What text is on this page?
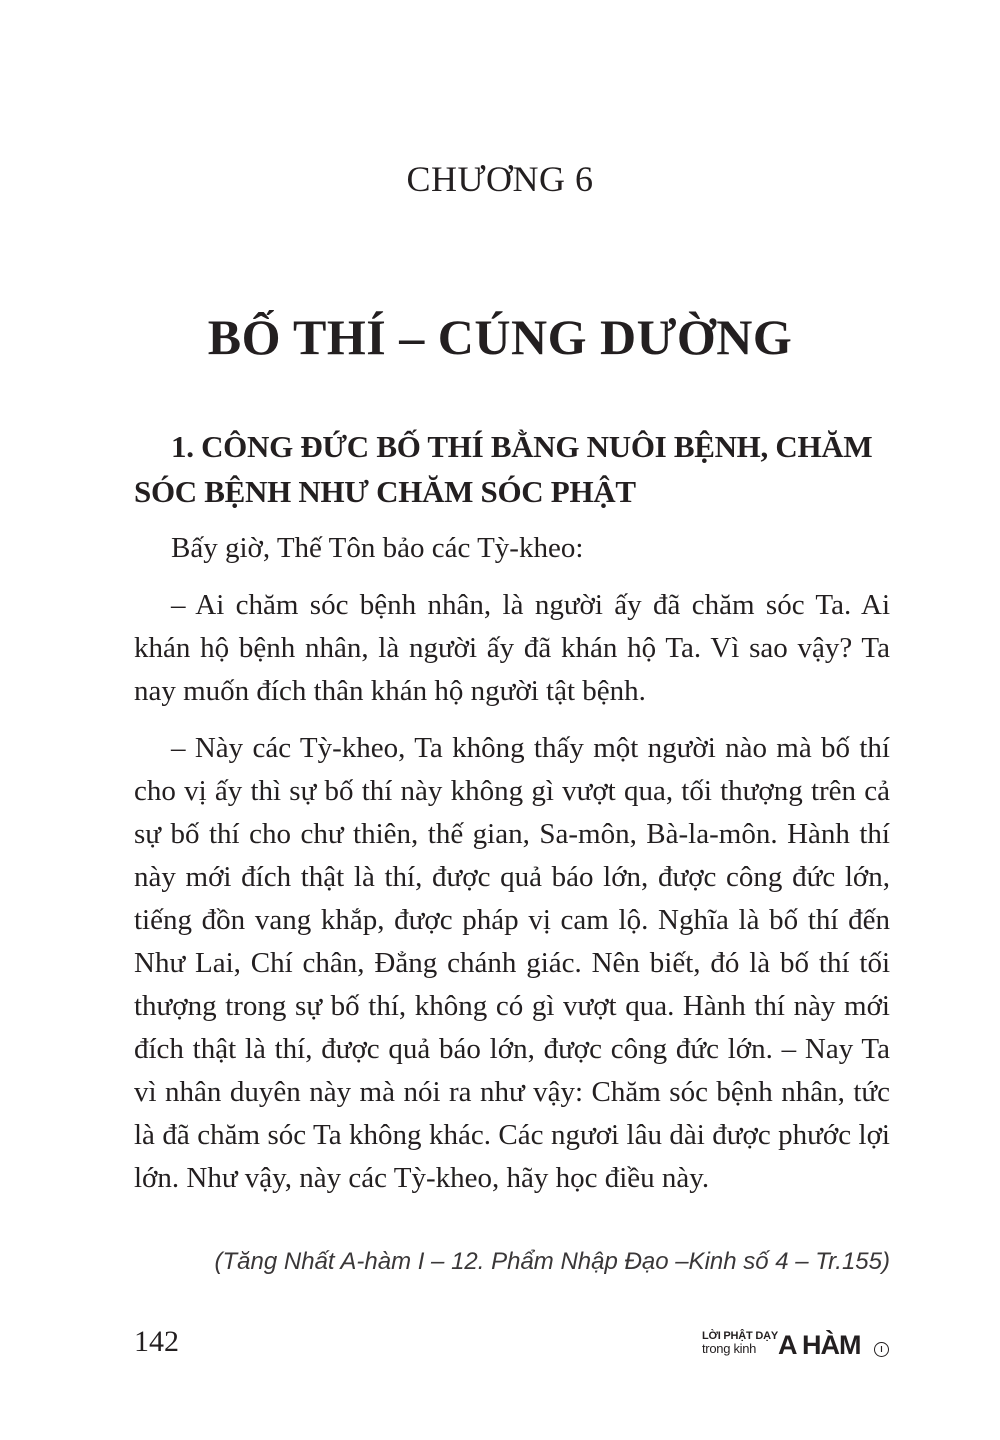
CHƯƠNG 6
BỐ THÍ – CÚNG DƯỜNG
1. CÔNG ĐỨC BỐ THÍ BẰNG NUÔI BỆNH, CHĂM SÓC BỆNH NHƯ CHĂM SÓC PHẬT

Bấy giờ, Thế Tôn bảo các Tỳ-kheo:

– Ai chăm sóc bệnh nhân, là người ấy đã chăm sóc Ta. Ai khán hộ bệnh nhân, là người ấy đã khán hộ Ta. Vì sao vậy? Ta nay muốn đích thân khán hộ người tật bệnh.

– Này các Tỳ-kheo, Ta không thấy một người nào mà bố thí cho vị ấy thì sự bố thí này không gì vượt qua, tối thượng trên cả sự bố thí cho chư thiên, thế gian, Sa-môn, Bà-la-môn. Hành thí này mới đích thật là thí, được quả báo lớn, được công đức lớn, tiếng đồn vang khắp, được pháp vị cam lộ. Nghĩa là bố thí đến Như Lai, Chí chân, Đẳng chánh giác. Nên biết, đó là bố thí tối thượng trong sự bố thí, không có gì vượt qua. Hành thí này mới đích thật là thí, được quả báo lớn, được công đức lớn. – Nay Ta vì nhân duyên này mà nói ra như vậy: Chăm sóc bệnh nhân, tức là đã chăm sóc Ta không khác. Các ngươi lâu dài được phước lợi lớn. Như vậy, này các Tỳ-kheo, hãy học điều này.

(Tăng Nhất A-hàm I – 12. Phẩm Nhập Đạo –Kinh số 4 – Tr.155)
142	LỜI PHẬT DẠY
trong kinh A HÀM	I
